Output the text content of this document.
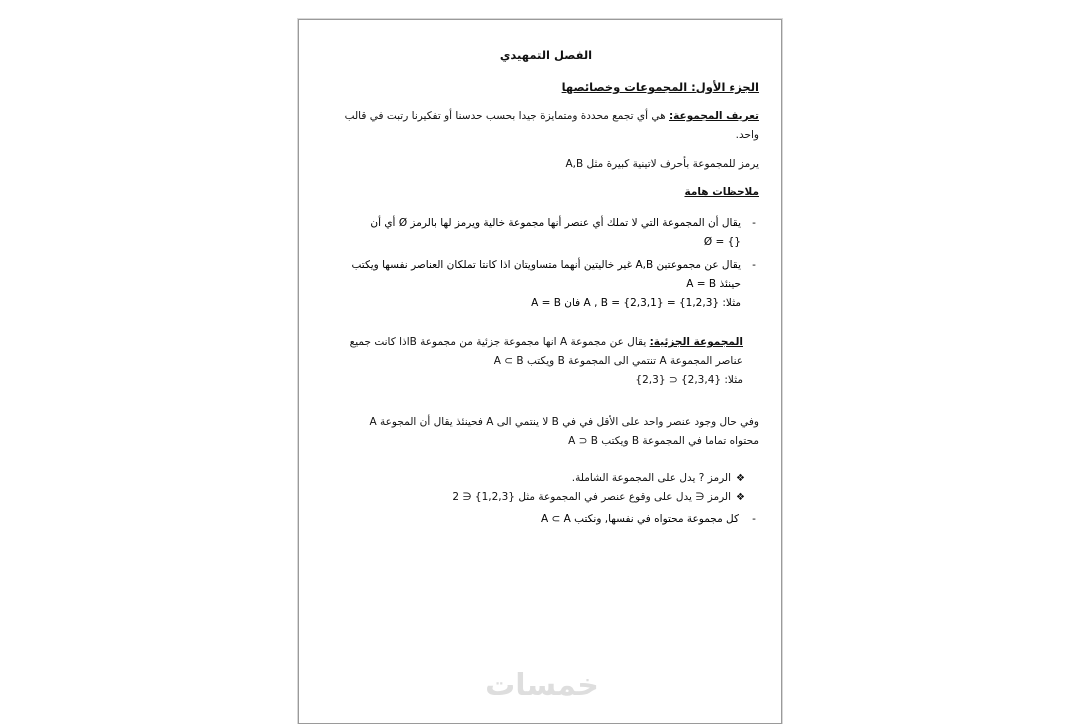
الفصل التمهيدي
الجزء الأول: المجموعات وخصائصها
تعريف المجموعة: هي أي تجمع محددة ومتمايزة جيدا بحسب حدسنا أو تفكيرنا رتبت في قالب واحد.
يرمز للمجموعة بأحرف لاتينية كبيرة مثل A,B
ملاحظات هامة
-
يقال أن المجموعة التي لا تملك أي عنصر أنها مجموعة خالية ويرمز لها بالرمز Ø أي أن
Ø = {}
-
يقال عن مجموعتين A,B غير خاليتين أنهما متساويتان اذا كانتا تملكان العناصر نفسها ويكتب
حينئذ A = B
مثلا: {1,2,3} = A , B = {2,3,1} فان A = B
المجموعة الجزئية: يقال عن مجموعة A انها مجموعة جزئية من مجموعة Bاذا كانت جميع
عناصر المجموعة A تنتمي الى المجموعة B ويكتب A ⊂ B
مثلا: {2,3,4} ⊂ {2,3}
وفي حال وجود عنصر واحد على الأقل في في B لا ينتمي الى A فحينئذ يقال أن المجوعة A
محتواه تماما في المجموعة B ويكتب A ⊃ B
❖الرمز ? يدل على المجموعة الشاملة.
❖الرمز ∈ يدل على وقوع عنصر في المجموعة مثل {1,2,3} ∈ 2
-
كل مجموعة محتواه في نفسها, ونكتب A ⊂ A
خمسات
